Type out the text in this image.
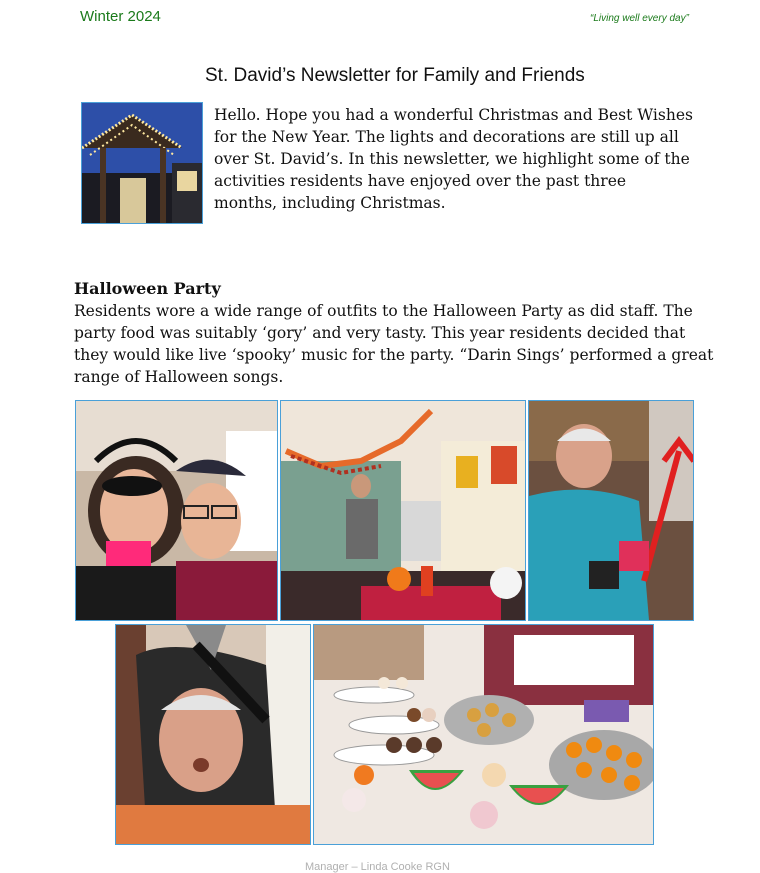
Winter 2024	“Living well every day”
St. David’s Newsletter for Family and Friends
Hello. Hope you had a wonderful Christmas and Best Wishes for the New Year. The lights and decorations are still up all over St. David’s. In this newsletter, we highlight some of the activities residents have enjoyed over the past three months, including Christmas.
Halloween Party
Residents wore a wide range of outfits to the Halloween Party as did staff. The party food was suitably ‘gory’ and very tasty. This year residents decided that they would like live ‘spooky’ music for the party. “Darin Sings’ performed a great range of Halloween songs.
Manager – Linda Cooke RGN
